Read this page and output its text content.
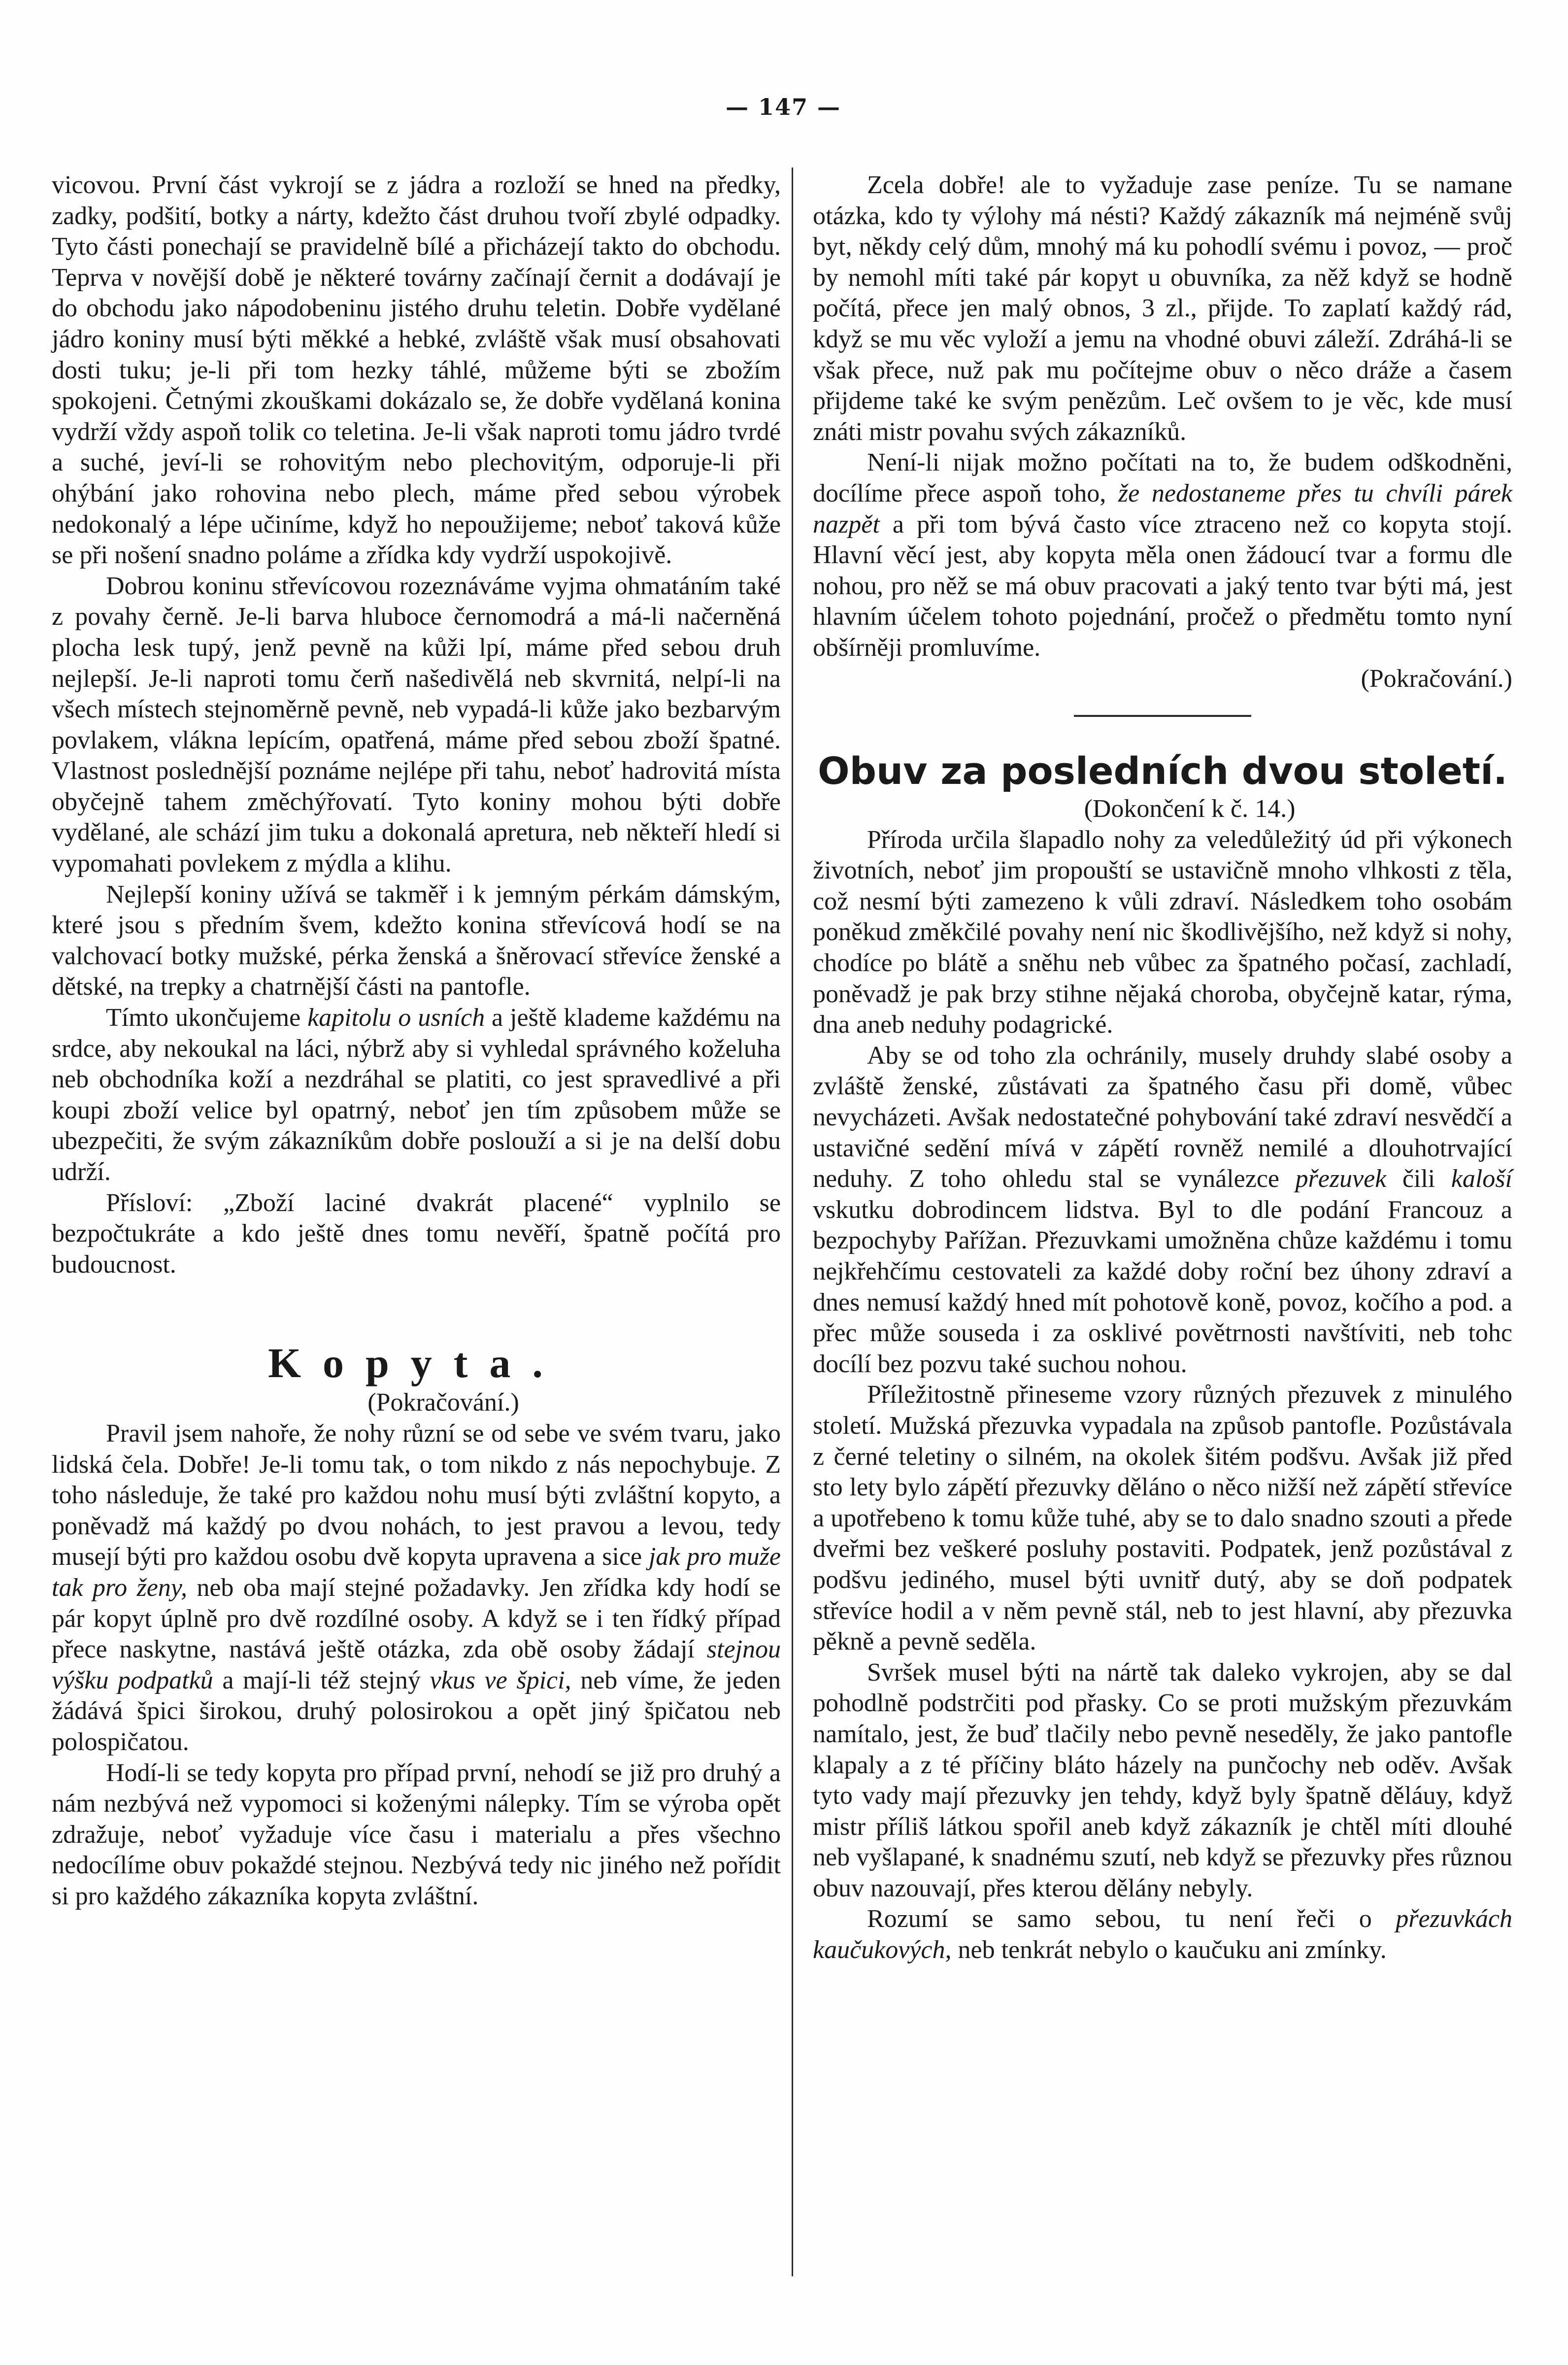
— 147 —

vicovou. První část vykrojí se z jádra a rozloží se hned na předky, zadky, podšití, botky a nárty, kdežto část druhou tvoří zbylé odpadky. Tyto části ponechají se pravidelně bílé a přicházejí takto do obchodu. Teprva v novější době je některé továrny začínají černit a dodávají je do obchodu jako nápodobeninu jistého druhu teletin. Dobře vydělané jádro koniny musí býti měkké a hebké, zvláště však musí obsahovati dosti tuku; je-li při tom hezky táhlé, můžeme býti se zbožím spokojeni. Četnými zkouškami dokázalo se, že dobře vydělaná konina vydrží vždy aspoň tolik co teletina. Je-li však naproti tomu jádro tvrdé a suché, jeví-li se rohovitým nebo plechovitým, odporuje-li při ohýbání jako rohovina nebo plech, máme před sebou výrobek nedokonalý a lépe učiníme, když ho nepoužijeme; neboť taková kůže se při nošení snadno poláme a zřídka kdy vydrží uspokojivě.

Dobrou koninu střevícovou rozeznáváme vyjma ohmatáním také z povahy černě. Je-li barva hluboce černomodrá a má-li načerněná plocha lesk tupý, jenž pevně na kůži lpí, máme před sebou druh nejlepší. Je-li naproti tomu čerň našedivělá neb skvrnitá, nelpí-li na všech místech stejnoměrně pevně, neb vypadá-li kůže jako bezbarvým povlakem, vlákna lepícím, opatřená, máme před sebou zboží špatné. Vlastnost poslednější poznáme nejlépe při tahu, neboť hadrovitá místa obyčejně tahem změchýřovatí. Tyto koniny mohou býti dobře vydělané, ale schází jim tuku a dokonalá apretura, neb někteří hledí si vypomahati povlekem z mýdla a klihu.

Nejlepší koniny užívá se takměř i k jemným pérkám dámským, které jsou s předním švem, kdežto konina střevícová hodí se na valchovací botky mužské, pérka ženská a šněrovací střevíce ženské a dětské, na trepky a chatrnější části na pantofle.

Tímto ukončujeme kapitolu o usních a ještě klademe každému na srdce, aby nekoukal na láci, nýbrž aby si vyhledal správného koželuha neb obchodníka koží a nezdráhal se platiti, co jest spravedlivé a při koupi zboží velice byl opatrný, neboť jen tím způsobem může se ubezpečiti, že svým zákazníkům dobře poslouží a si je na delší dobu udrží.

Přísloví: „Zboží laciné dvakrát placené“ vyplnilo se bezpočtukráte a kdo ještě dnes tomu nevěří, špatně počítá pro budoucnost.

Kopyta.

(Pokračování.)

Pravil jsem nahoře, že nohy různí se od sebe ve svém tvaru, jako lidská čela. Dobře! Je-li tomu tak, o tom nikdo z nás nepochybuje. Z toho následuje, že také pro každou nohu musí býti zvláštní kopyto, a poněvadž má každý po dvou nohách, to jest pravou a levou, tedy musejí býti pro každou osobu dvě kopyta upravena a sice jak pro muže tak pro ženy, neb oba mají stejné požadavky. Jen zřídka kdy hodí se pár kopyt úplně pro dvě rozdílné osoby. A když se i ten řídký případ přece naskytne, nastává ještě otázka, zda obě osoby žádají stejnou výšku podpatků a mají-li též stejný vkus ve špici, neb víme, že jeden žádává špici širokou, druhý polosirokou a opět jiný špičatou neb polospičatou.

Hodí-li se tedy kopyta pro případ první, nehodí se již pro druhý a nám nezbývá než vypomoci si koženými nálepky. Tím se výroba opět zdražuje, neboť vyžaduje více času i materialu a přes všechno nedocílíme obuv pokaždé stejnou. Nezbývá tedy nic jiného než pořídit si pro každého zákazníka kopyta zvláštní.

Zcela dobře! ale to vyžaduje zase peníze. Tu se namane otázka, kdo ty výlohy má nésti? Každý zákazník má nejméně svůj byt, někdy celý dům, mnohý má ku pohodlí svému i povoz, — proč by nemohl míti také pár kopyt u obuvníka, za něž když se hodně počítá, přece jen malý obnos, 3 zl., přijde. To zaplatí každý rád, když se mu věc vyloží a jemu na vhodné obuvi záleží. Zdráhá-li se však přece, nuž pak mu počítejme obuv o něco dráže a časem přijdeme také ke svým penězům. Leč ovšem to je věc, kde musí znáti mistr povahu svých zákazníků.

Není-li nijak možno počítati na to, že budem odškodněni, docílíme přece aspoň toho, že nedostaneme přes tu chvíli párek nazpět a při tom bývá často více ztraceno než co kopyta stojí. Hlavní věcí jest, aby kopyta měla onen žádoucí tvar a formu dle nohou, pro něž se má obuv pracovati a jaký tento tvar býti má, jest hlavním účelem tohoto pojednání, pročež o předmětu tomto nyní obšírněji promluvíme.

(Pokračování.)

Obuv za posledních dvou století.

(Dokončení k č. 14.)

Příroda určila šlapadlo nohy za veledůležitý úd při výkonech životních, neboť jim propouští se ustavičně mnoho vlhkosti z těla, což nesmí býti zamezeno k vůli zdraví. Následkem toho osobám poněkud změkčilé povahy není nic škodlivějšího, než když si nohy, chodíce po blátě a sněhu neb vůbec za špatného počasí, zachladí, poněvadž je pak brzy stihne nějaká choroba, obyčejně katar, rýma, dna aneb neduhy podagrické.

Aby se od toho zla ochránily, musely druhdy slabé osoby a zvláště ženské, zůstávati za špatného času při domě, vůbec nevycházeti. Avšak nedostatečné pohybování také zdraví nesvědčí a ustavičné sedění mívá v zápětí rovněž nemilé a dlouhotrvající neduhy. Z toho ohledu stal se vynálezce přezuvek čili kaloší vskutku dobrodincem lidstva. Byl to dle podání Francouz a bezpochyby Pařížan. Přezuvkami umožněna chůze každému i tomu nejkřehčímu cestovateli za každé doby roční bez úhony zdraví a dnes nemusí každý hned mít pohotově koně, povoz, kočího a pod. a přec může souseda i za osklivé povětrnosti navštíviti, neb tohc docílí bez pozvu také suchou nohou.

Příležitostně přineseme vzory různých přezuvek z minulého století. Mužská přezuvka vypadala na způsob pantofle. Pozůstávala z černé teletiny o silném, na okolek šitém podšvu. Avšak již před sto lety bylo zápětí přezuvky děláno o něco nižší než zápětí střevíce a upotřebeno k tomu kůže tuhé, aby se to dalo snadno szouti a přede dveřmi bez veškeré posluhy postaviti. Podpatek, jenž pozůstával z podšvu jediného, musel býti uvnitř dutý, aby se doň podpatek střevíce hodil a v něm pevně stál, neb to jest hlavní, aby přezuvka pěkně a pevně seděla.

Svršek musel býti na nártě tak daleko vykrojen, aby se dal pohodlně podstrčiti pod přasky. Co se proti mužským přezuvkám namítalo, jest, že buď tlačily nebo pevně neseděly, že jako pantofle klapaly a z té příčiny bláto házely na punčochy neb oděv. Avšak tyto vady mají přezuvky jen tehdy, když byly špatně děláuy, když mistr příliš látkou spořil aneb když zákazník je chtěl míti dlouhé neb vyšlapané, k snadnému szutí, neb když se přezuvky přes různou obuv nazouvají, přes kterou dělány nebyly.

Rozumí se samo sebou, tu není řeči o přezuvkách kaučukových, neb tenkrát nebylo o kaučuku ani zmínky.
